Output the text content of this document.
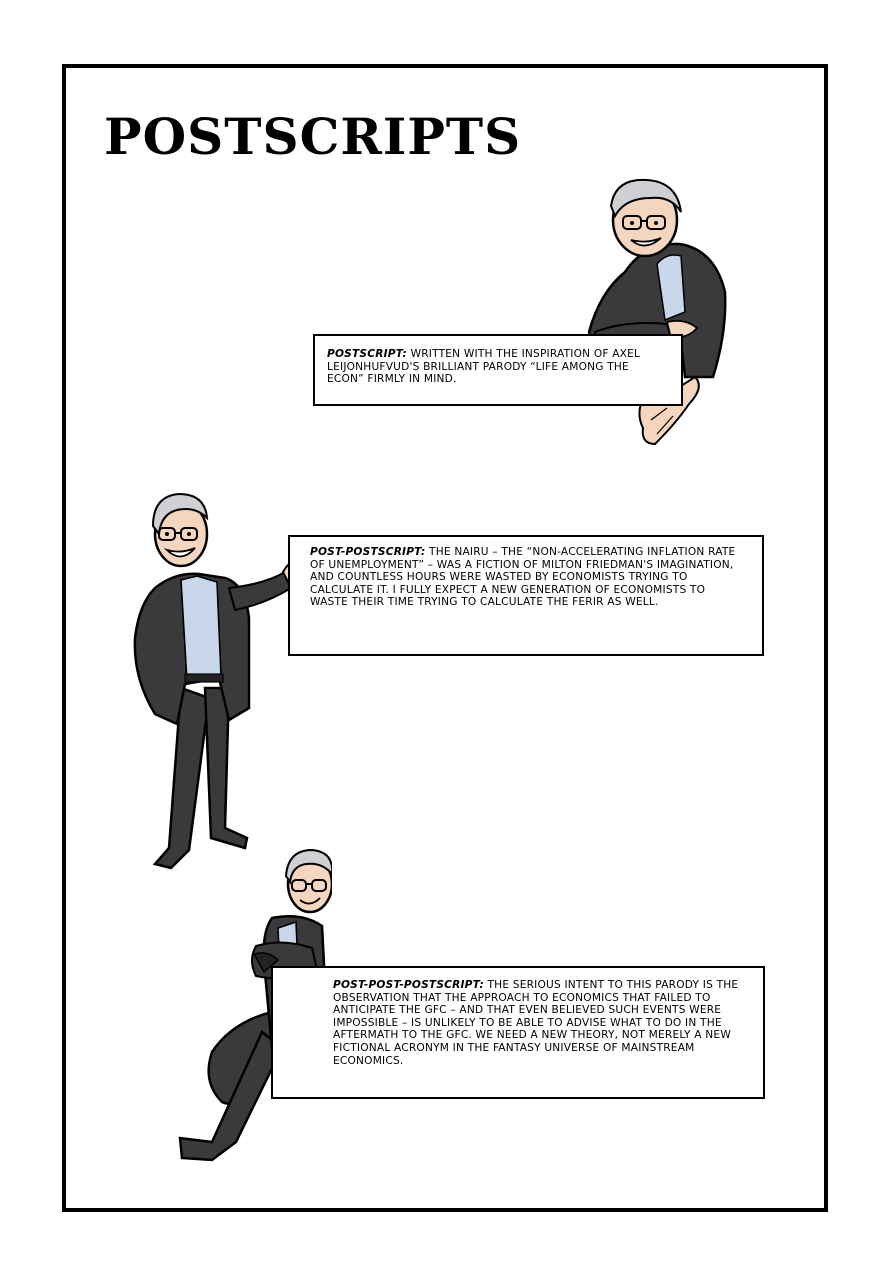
POSTSCRIPTS
POSTSCRIPT: WRITTEN WITH THE INSPIRATION OF AXEL LEIJONHUFVUD'S BRILLIANT PARODY “LIFE AMONG THE ECON” FIRMLY IN MIND.
POST-POSTSCRIPT: THE NAIRU – THE “NON-ACCELERATING INFLATION RATE OF UNEMPLOYMENT” – WAS A FICTION OF MILTON FRIEDMAN'S IMAGINATION, AND COUNTLESS HOURS WERE WASTED BY ECONOMISTS TRYING TO CALCULATE IT. I FULLY EXPECT A NEW GENERATION OF ECONOMISTS TO WASTE THEIR TIME TRYING TO CALCULATE THE FERIR AS WELL.
POST-POST-POSTSCRIPT: THE SERIOUS INTENT TO THIS PARODY IS THE OBSERVATION THAT THE APPROACH TO ECONOMICS THAT FAILED TO ANTICIPATE THE GFC – AND THAT EVEN BELIEVED SUCH EVENTS WERE IMPOSSIBLE – IS UNLIKELY TO BE ABLE TO ADVISE WHAT TO DO IN THE AFTERMATH TO THE GFC. WE NEED A NEW THEORY, NOT MERELY A NEW FICTIONAL ACRONYM IN THE FANTASY UNIVERSE OF MAINSTREAM ECONOMICS.
